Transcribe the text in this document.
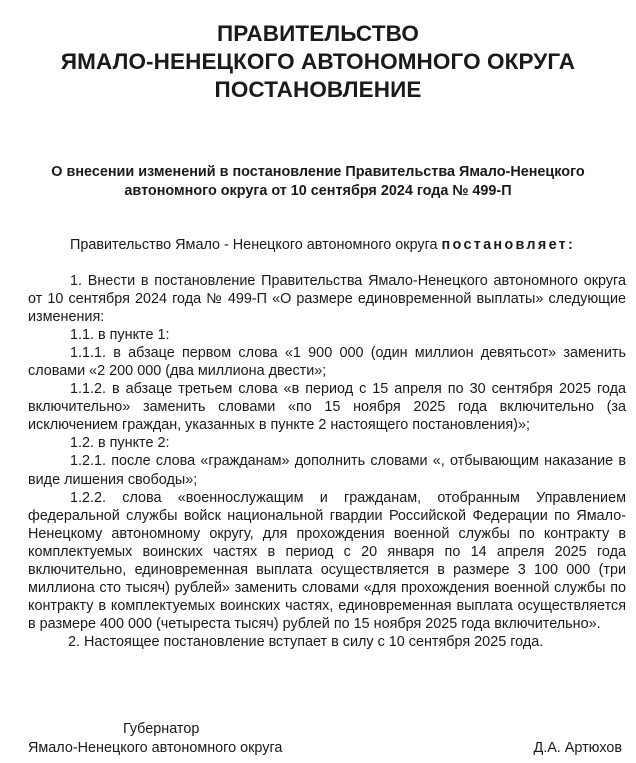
ПРАВИТЕЛЬСТВО
ЯМАЛО-НЕНЕЦКОГО АВТОНОМНОГО ОКРУГА
ПОСТАНОВЛЕНИЕ
О внесении изменений в постановление Правительства Ямало-Ненецкого автономного округа от 10 сентября 2024 года № 499-П
Правительство Ямало - Ненецкого автономного округа постановляет:

1. Внести в постановление Правительства Ямало-Ненецкого автономного округа от 10 сентября 2024 года № 499-П «О размере единовременной выплаты» следующие изменения:

1.1. в пункте 1:

1.1.1. в абзаце первом слова «1 900 000 (один миллион девятьсот» заменить словами «2 200 000 (два миллиона двести»;

1.1.2. в абзаце третьем слова «в период с 15 апреля по 30 сентября 2025 года включительно» заменить словами «по 15 ноября 2025 года включительно (за исключением граждан, указанных в пункте 2 настоящего постановления)»;

1.2. в пункте 2:

1.2.1. после слова «гражданам» дополнить словами «, отбывающим наказание в виде лишения свободы»;

1.2.2. слова «военнослужащим и гражданам, отобранным Управлением федеральной службы войск национальной гвардии Российской Федерации по Ямало-Ненецкому автономному округу, для прохождения военной службы по контракту в комплектуемых воинских частях в период с 20 января по 14 апреля 2025 года включительно, единовременная выплата осуществляется в размере 3 100 000 (три миллиона сто тысяч) рублей» заменить словами «для прохождения военной службы по контракту в комплектуемых воинских частях, единовременная выплата осуществляется в размере 400 000 (четыреста тысяч) рублей по 15 ноября 2025 года включительно».

2. Настоящее постановление вступает в силу с 10 сентября 2025 года.

Губернатор
Ямало-Ненецкого автономного округа	Д.А. Артюхов
